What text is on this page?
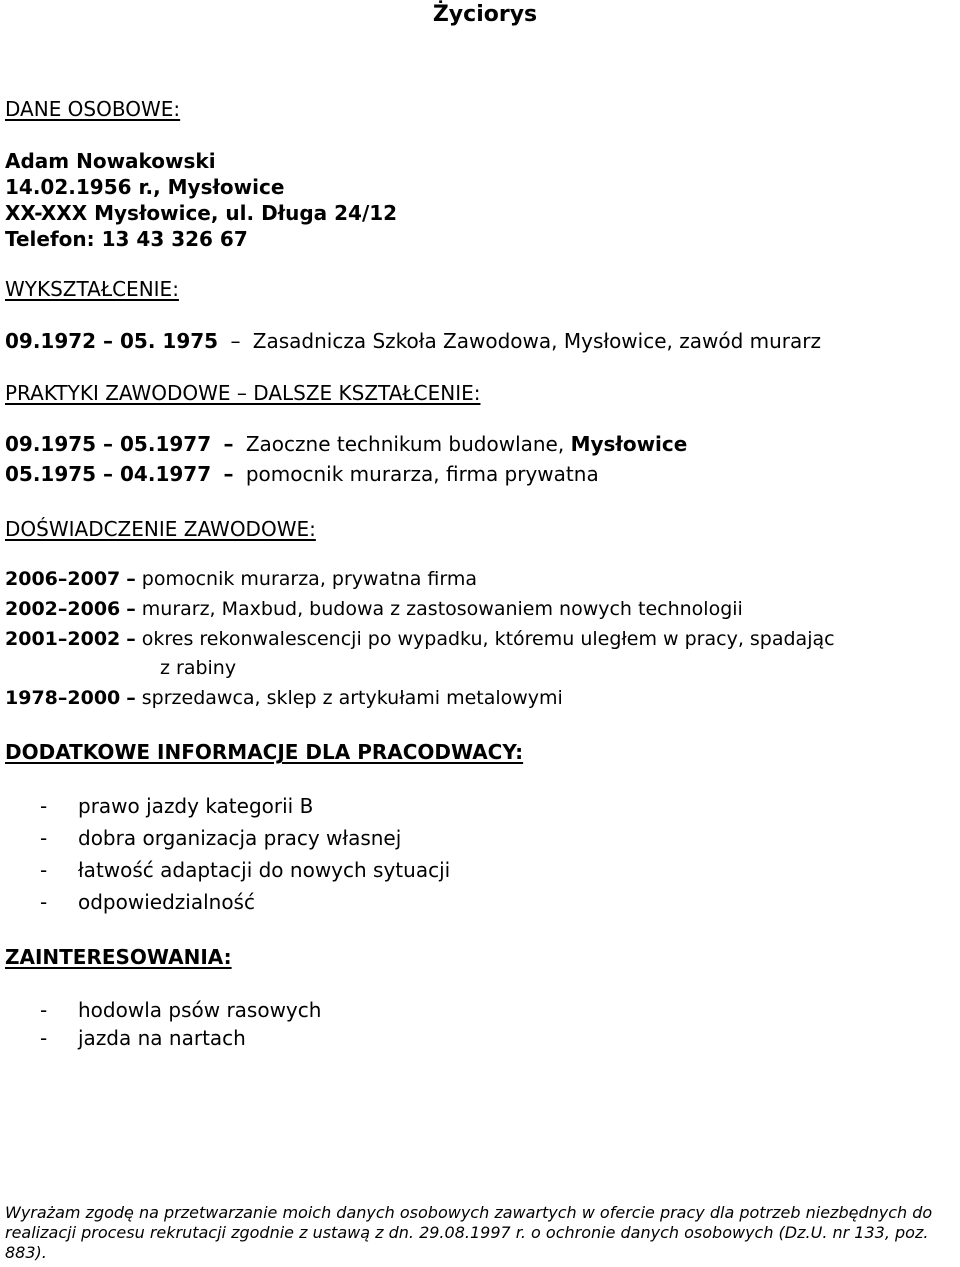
Życiorys
DANE OSOBOWE:
Adam Nowakowski
14.02.1956 r., Mysłowice
XX-XXX Mysłowice, ul. Długa 24/12
Telefon: 13 43 326 67
WYKSZTAŁCENIE:
09.1972 – 05. 1975 – Zasadnicza Szkoła Zawodowa, Mysłowice, zawód murarz
PRAKTYKI ZAWODOWE – DALSZE KSZTAŁCENIE:
09.1975 – 05.1977 – Zaoczne technikum budowlane, Mysłowice
05.1975 – 04.1977 – pomocnik murarza, firma prywatna
DOŚWIADCZENIE ZAWODOWE:
2006–2007 – pomocnik murarza, prywatna firma
2002–2006 – murarz, Maxbud, budowa z zastosowaniem nowych technologii
2001–2002 – okres rekonwalescencji po wypadku, któremu uległem w pracy, spadając
z rabiny
1978–2000 – sprzedawca, sklep z artykułami metalowymi
DODATKOWE INFORMACJE DLA PRACODWACY:
- prawo jazdy kategorii B
- dobra organizacja pracy własnej
- łatwość adaptacji do nowych sytuacji
- odpowiedzialność
ZAINTERESOWANIA:
- hodowla psów rasowych
- jazda na nartach
Wyrażam zgodę na przetwarzanie moich danych osobowych zawartych w ofercie pracy dla potrzeb niezbędnych do realizacji procesu rekrutacji zgodnie z ustawą z dn. 29.08.1997 r. o ochronie danych osobowych (Dz.U. nr 133, poz. 883).
